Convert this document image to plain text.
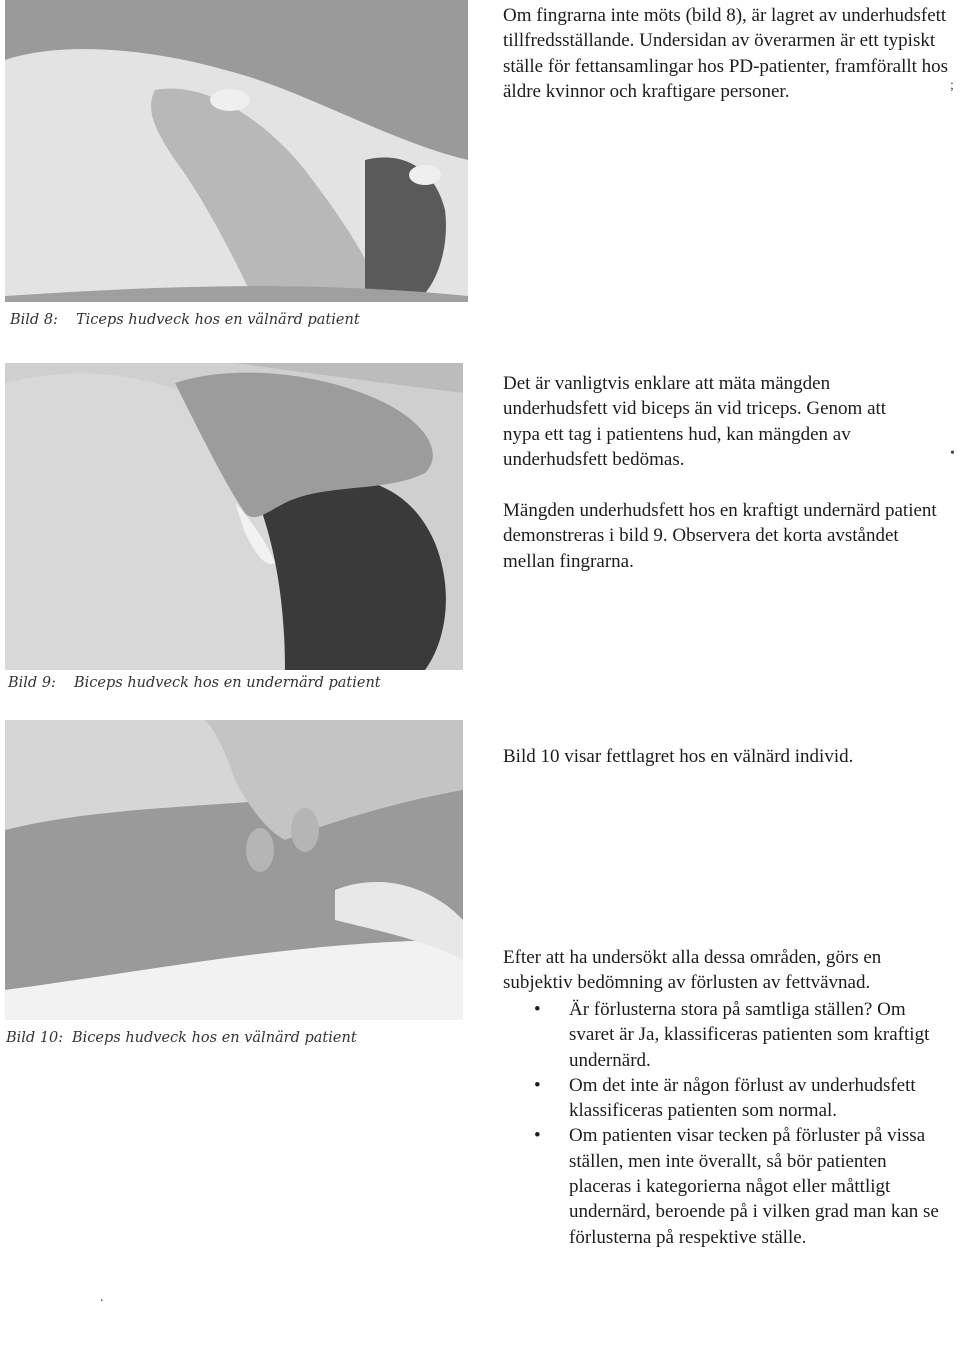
Bild 8: Ticeps hudveck hos en välnärd patient

Om fingrarna inte möts (bild 8), är lagret av underhudsfett tillfredsställande. Undersidan av överarmen är ett typiskt ställe för fettansamlingar hos PD-patienter, framförallt hos äldre kvinnor och kraftigare personer.	;
Bild 9: Biceps hudveck hos en undernärd patient

Det är vanligtvis enklare att mäta mängden underhudsfett vid biceps än vid triceps. Genom att nypa ett tag i patientens hud, kan mängden av underhudsfett bedömas.

Mängden underhudsfett hos en kraftigt undernärd patient demonstreras i bild 9. Observera det korta avståndet mellan fingrarna.

•
Bild 10: Biceps hudveck hos en välnärd patient

Bild 10 visar fettlagret hos en välnärd individ.

Efter att ha undersökt alla dessa områden, görs en subjektiv bedömning av förlusten av fettvävnad.

• Är förlusterna stora på samtliga ställen? Om svaret är Ja, klassificeras patienten som kraftigt undernärd.
• Om det inte är någon förlust av underhudsfett klassificeras patienten som normal.
• Om patienten visar tecken på förluster på vissa ställen, men inte överallt, så bör patienten placeras i kategorierna något eller måttligt undernärd, beroende på i vilken grad man kan se förlusterna på respektive ställe.
.
